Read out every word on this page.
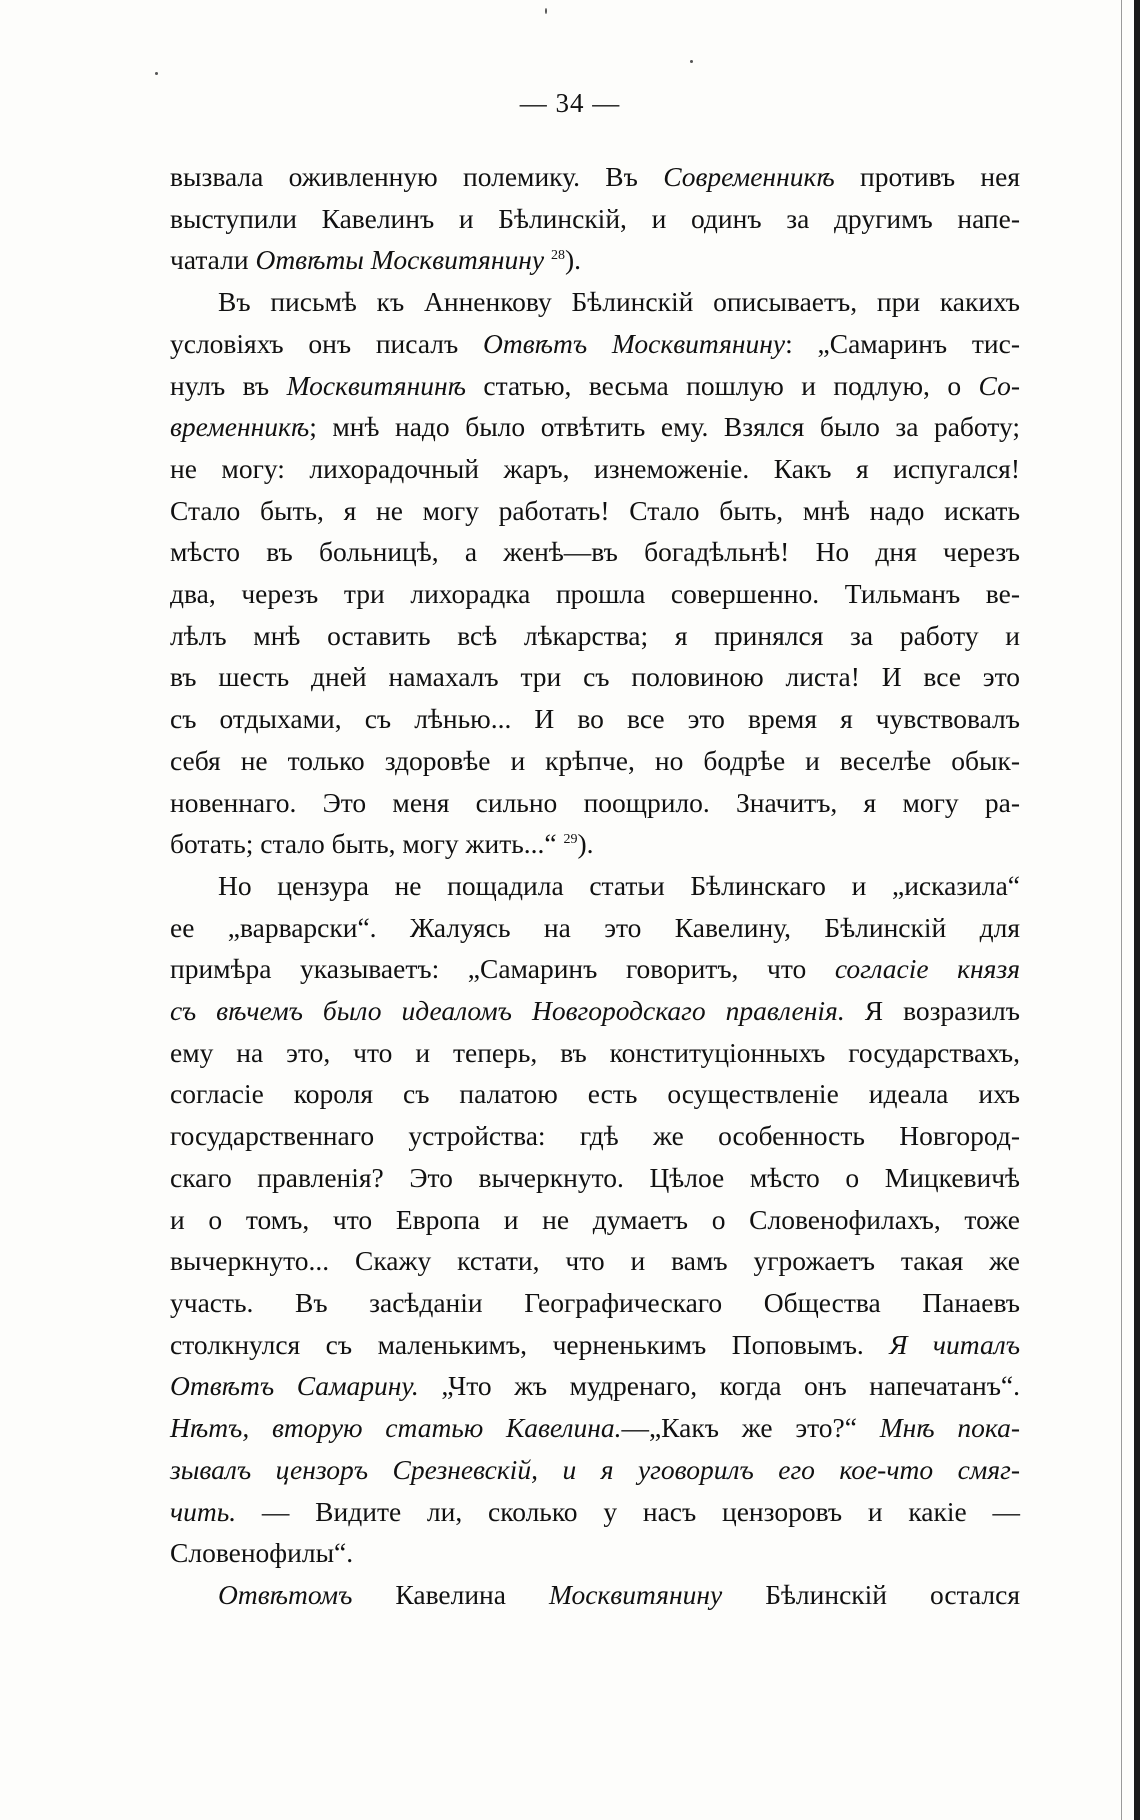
— 34 —
вызвала оживленную полемику. Въ Современникѣ противъ нея
выступили Кавелинъ и Бѣлинскій, и одинъ за другимъ напе-
чатали Отвѣты Москвитянину $^{28}$).
Въ письмѣ къ Анненкову Бѣлинскій описываетъ, при какихъ
условіяхъ онъ писалъ Отвѣтъ Москвитянину: „Самаринъ тис-
нулъ въ Москвитянинѣ статью, весьма пошлую и подлую, о Со-
временникѣ; мнѣ надо было отвѣтить ему. Взялся было за работу;
не могу: лихорадочный жаръ, изнеможеніе. Какъ я испугался!
Стало быть, я не могу работать! Стало быть, мнѣ надо искать
мѣсто въ больницѣ, а женѣ—въ богадѣльнѣ! Но дня черезъ
два, черезъ три лихорадка прошла совершенно. Тильманъ ве-
лѣлъ мнѣ оставить всѣ лѣкарства; я принялся за работу и
въ шесть дней намахалъ три съ половиною листа! И все это
съ отдыхами, съ лѣнью... И во все это время я чувствовалъ
себя не только здоровѣе и крѣпче, но бодрѣе и веселѣе обык-
новеннаго. Это меня сильно поощрило. Значитъ, я могу ра-
ботать; стало быть, могу жить...“ $^{29}$).
Но цензура не пощадила статьи Бѣлинскаго и „исказила“
ее „варварски“. Жалуясь на это Кавелину, Бѣлинскій для
примѣра указываетъ: „Самаринъ говоритъ, что согласіе князя
съ вѣчемъ было идеаломъ Новгородскаго правленія. Я возразилъ
ему на это, что и теперь, въ конституціонныхъ государствахъ,
согласіе короля съ палатою есть осуществленіе идеала ихъ
государственнаго устройства: гдѣ же особенность Новгород-
скаго правленія? Это вычеркнуто. Цѣлое мѣсто о Мицкевичѣ
и о томъ, что Европа и не думаетъ о Словенофилахъ, тоже
вычеркнуто... Скажу кстати, что и вамъ угрожаетъ такая же
участь. Въ засѣданіи Географическаго Общества Панаевъ
столкнулся съ маленькимъ, черненькимъ Поповымъ. Я читалъ
Отвѣтъ Самарину. „Что жъ мудренаго, когда онъ напечатанъ“.
Нѣтъ, вторую статью Кавелина.—„Какъ же это?“ Мнѣ пока-
зывалъ цензоръ Срезневскій, и я уговорилъ его кое-что смяг-
чить. — Видите ли, сколько у насъ цензоровъ и какіе —
Словенофилы“.
Отвѣтомъ Кавелина Москвитянину Бѣлинскій остался
